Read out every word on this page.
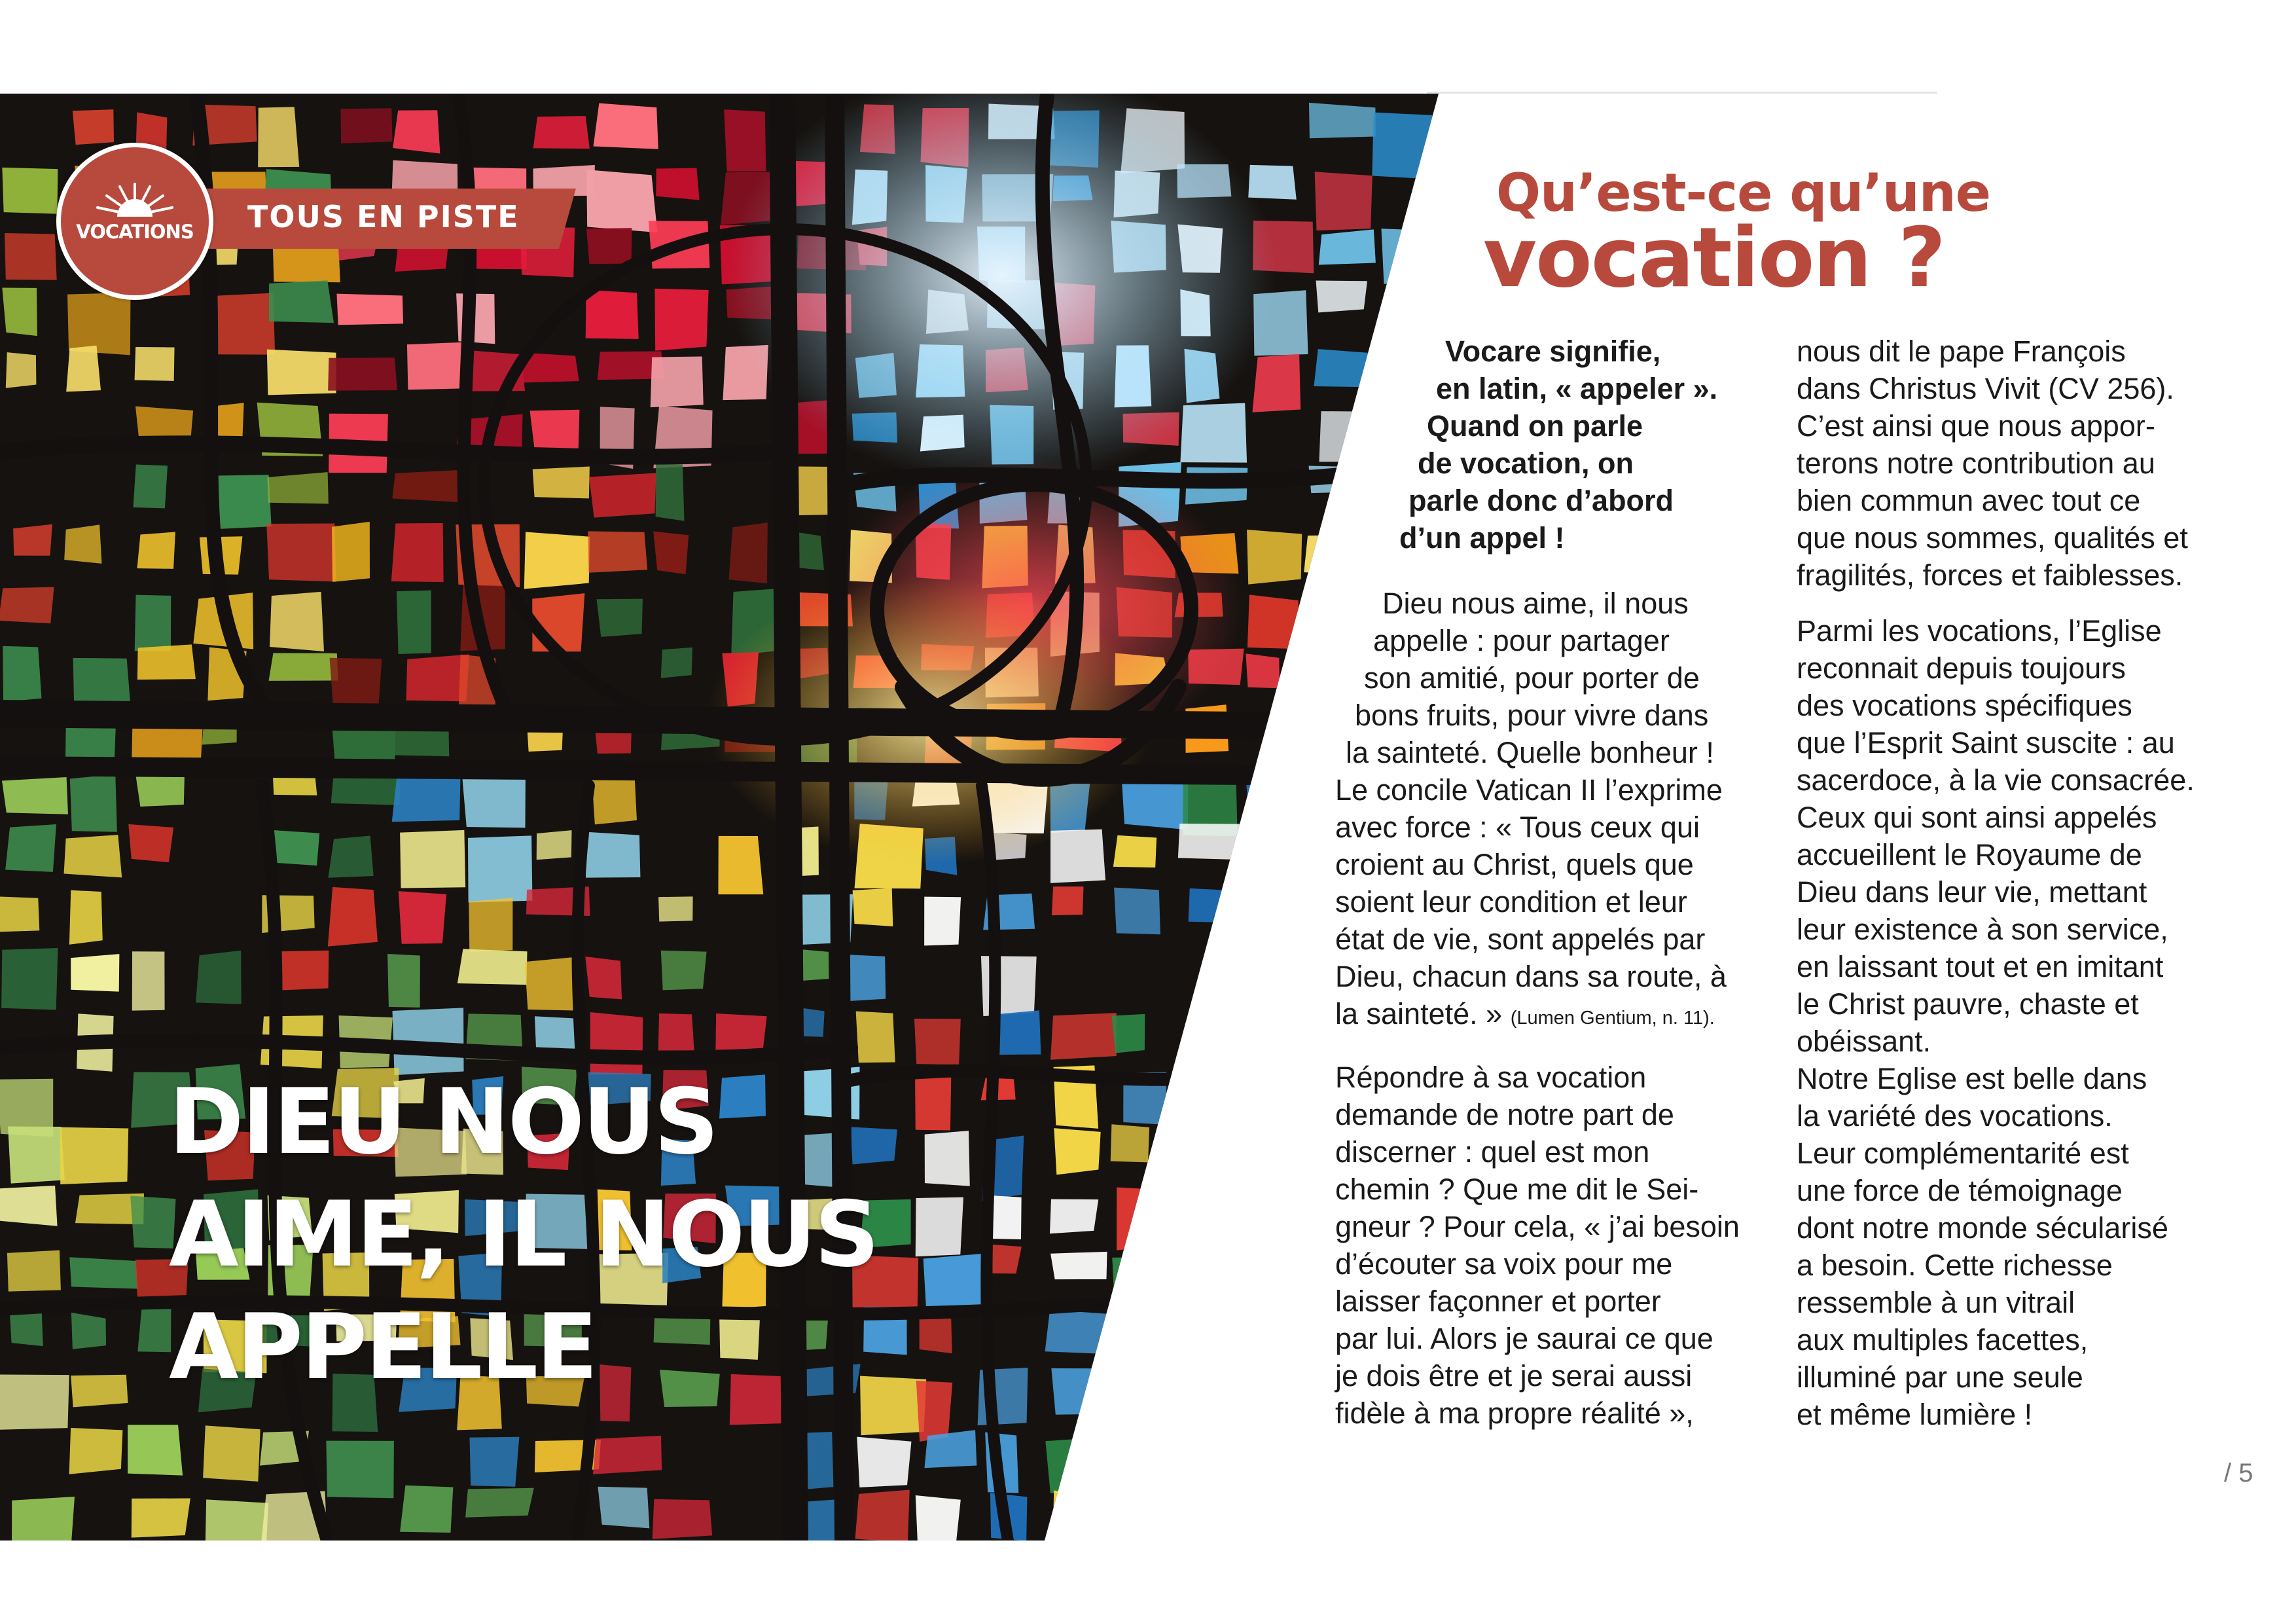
TOUS EN PISTE
VOCATIONS
DIEU NOUS
AIME, IL NOUS
APPELLE
Qu’est-ce qu’une
vocation ?
Vocare signifie,
en latin, « appeler ».
Quand on parle
de vocation, on
parle donc d’abord
d’un appel !
Dieu nous aime, il nous
appelle : pour partager
son amitié, pour porter de
bons fruits, pour vivre dans
la sainteté. Quelle bonheur !
Le concile Vatican II l’exprime
avec force : « Tous ceux qui
croient au Christ, quels que
soient leur condition et leur
état de vie, sont appelés par
Dieu, chacun dans sa route, à
la sainteté. » (Lumen Gentium, n. 11).
Répondre à sa vocation
demande de notre part de
discerner : quel est mon
chemin ? Que me dit le Sei-
gneur ? Pour cela, « j’ai besoin
d’écouter sa voix pour me
laisser façonner et porter
par lui. Alors je saurai ce que
je dois être et je serai aussi
fidèle à ma propre réalité »,
nous dit le pape François
dans Christus Vivit (CV 256).
C’est ainsi que nous appor-
terons notre contribution au
bien commun avec tout ce
que nous sommes, qualités et
fragilités, forces et faiblesses.
Parmi les vocations, l’Eglise
reconnait depuis toujours
des vocations spécifiques
que l’Esprit Saint suscite : au
sacerdoce, à la vie consacrée.
Ceux qui sont ainsi appelés
accueillent le Royaume de
Dieu dans leur vie, mettant
leur existence à son service,
en laissant tout et en imitant
le Christ pauvre, chaste et
obéissant.
Notre Eglise est belle dans
la variété des vocations.
Leur complémentarité est
une force de témoignage
dont notre monde sécularisé
a besoin. Cette richesse
ressemble à un vitrail
aux multiples facettes,
illuminé par une seule
et même lumière !
/ 5
